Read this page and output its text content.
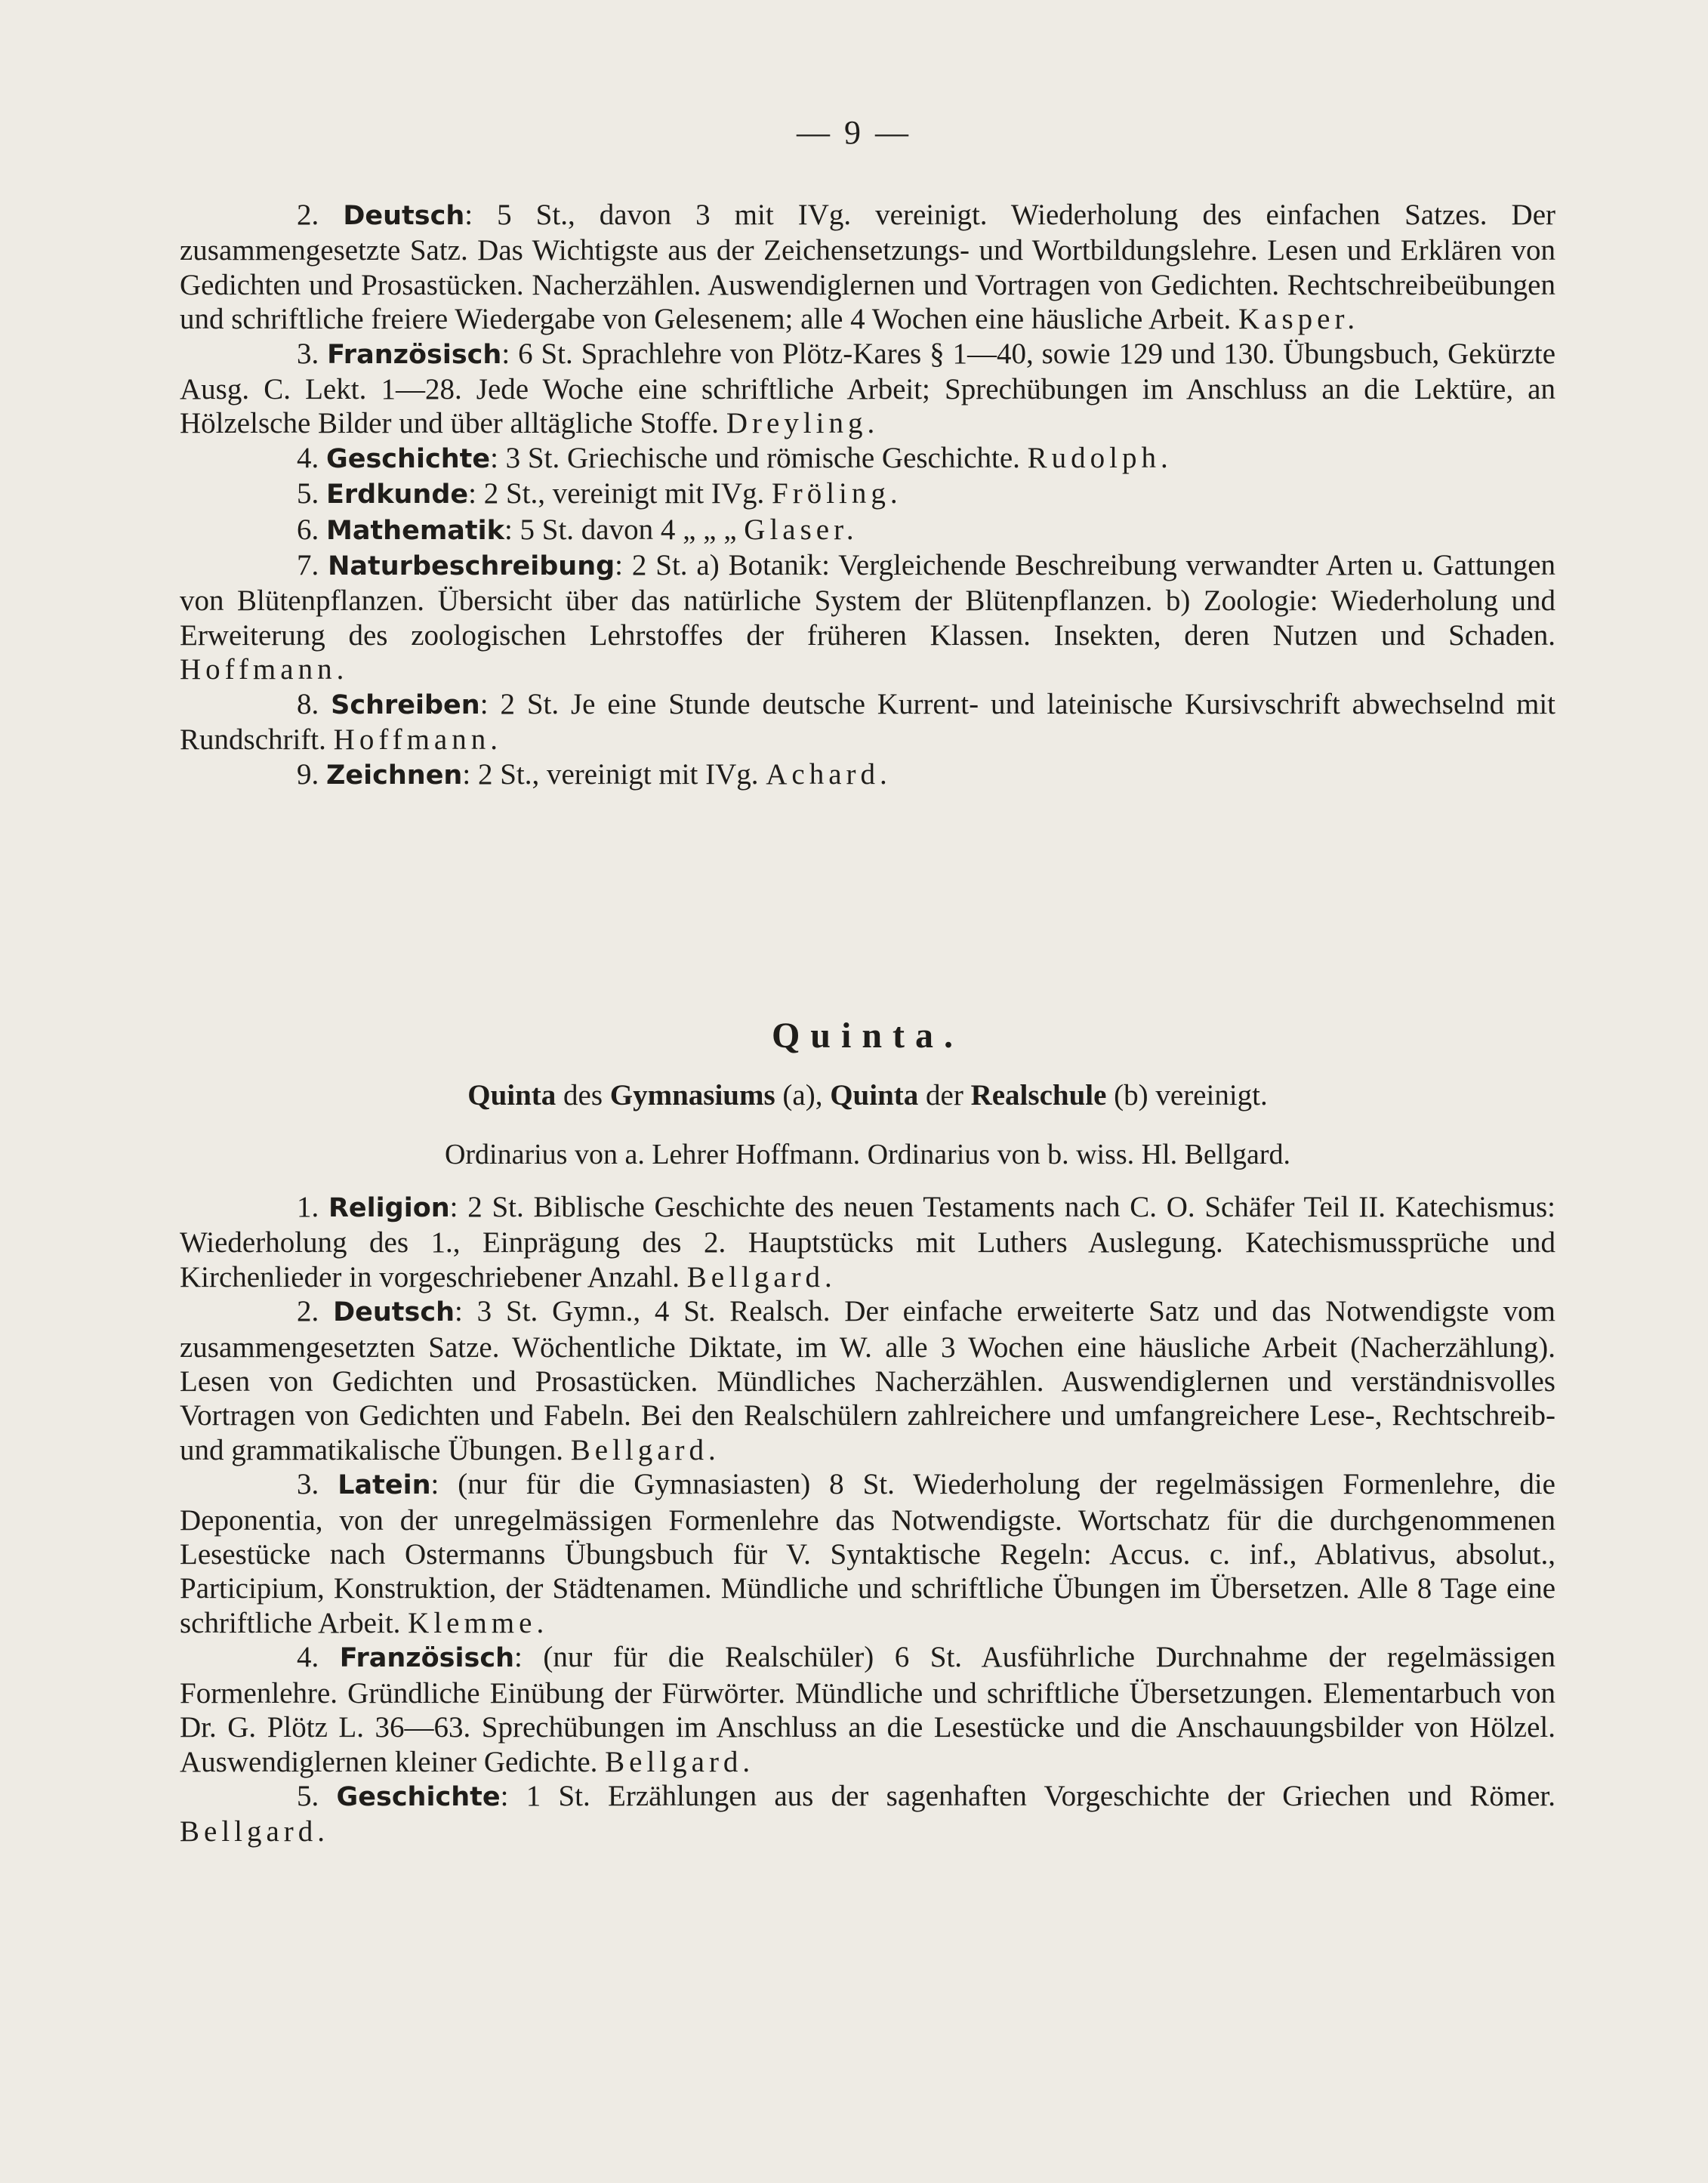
— 9 —

2. Deutsch: 5 St., davon 3 mit IVg. vereinigt. Wiederholung des einfachen Satzes. Der zusammengesetzte Satz. Das Wichtigste aus der Zeichensetzungs- und Wortbildungslehre. Lesen und Erklären von Gedichten und Prosastücken. Nacherzählen. Auswendiglernen und Vortragen von Gedichten. Rechtschreibeübungen und schriftliche freiere Wiedergabe von Gelesenem; alle 4 Wochen eine häusliche Arbeit. Kasper.

3. Französisch: 6 St. Sprachlehre von Plötz-Kares § 1—40, sowie 129 und 130. Übungsbuch, Gekürzte Ausg. C. Lekt. 1—28. Jede Woche eine schriftliche Arbeit; Sprechübungen im Anschluss an die Lektüre, an Hölzelsche Bilder und über alltägliche Stoffe. Dreyling.

4. Geschichte: 3 St. Griechische und römische Geschichte. Rudolph.

5. Erdkunde: 2 St., vereinigt mit IVg. Fröling.

6. Mathematik: 5 St. davon 4 „ „ „ Glaser.

7. Naturbeschreibung: 2 St. a) Botanik: Vergleichende Beschreibung verwandter Arten u. Gattungen von Blütenpflanzen. Übersicht über das natürliche System der Blütenpflanzen. b) Zoologie: Wiederholung und Erweiterung des zoologischen Lehrstoffes der früheren Klassen. Insekten, deren Nutzen und Schaden. Hoffmann.

8. Schreiben: 2 St. Je eine Stunde deutsche Kurrent- und lateinische Kursivschrift abwechselnd mit Rundschrift. Hoffmann.

9. Zeichnen: 2 St., vereinigt mit IVg. Achard.

Quinta.

Quinta des Gymnasiums (a), Quinta der Realschule (b) vereinigt.

Ordinarius von a. Lehrer Hoffmann. Ordinarius von b. wiss. Hl. Bellgard.

1. Religion: 2 St. Biblische Geschichte des neuen Testaments nach C. O. Schäfer Teil II. Katechismus: Wiederholung des 1., Einprägung des 2. Hauptstücks mit Luthers Auslegung. Katechismussprüche und Kirchenlieder in vorgeschriebener Anzahl. Bellgard.

2. Deutsch: 3 St. Gymn., 4 St. Realsch. Der einfache erweiterte Satz und das Notwendigste vom zusammengesetzten Satze. Wöchentliche Diktate, im W. alle 3 Wochen eine häusliche Arbeit (Nacherzählung). Lesen von Gedichten und Prosastücken. Mündliches Nacherzählen. Auswendiglernen und verständnisvolles Vortragen von Gedichten und Fabeln. Bei den Realschülern zahlreichere und umfangreichere Lese-, Rechtschreib- und grammatikalische Übungen. Bellgard.

3. Latein: (nur für die Gymnasiasten) 8 St. Wiederholung der regelmässigen Formenlehre, die Deponentia, von der unregelmässigen Formenlehre das Notwendigste. Wortschatz für die durchgenommenen Lesestücke nach Ostermanns Übungsbuch für V. Syntaktische Regeln: Accus. c. inf., Ablativus, absolut., Participium, Konstruktion, der Städtenamen. Mündliche und schriftliche Übungen im Übersetzen. Alle 8 Tage eine schriftliche Arbeit. Klemme.

4. Französisch: (nur für die Realschüler) 6 St. Ausführliche Durchnahme der regelmässigen Formenlehre. Gründliche Einübung der Fürwörter. Mündliche und schriftliche Übersetzungen. Elementarbuch von Dr. G. Plötz L. 36—63. Sprechübungen im Anschluss an die Lesestücke und die Anschauungsbilder von Hölzel. Auswendiglernen kleiner Gedichte. Bellgard.

5. Geschichte: 1 St. Erzählungen aus der sagenhaften Vorgeschichte der Griechen und Römer. Bellgard.
